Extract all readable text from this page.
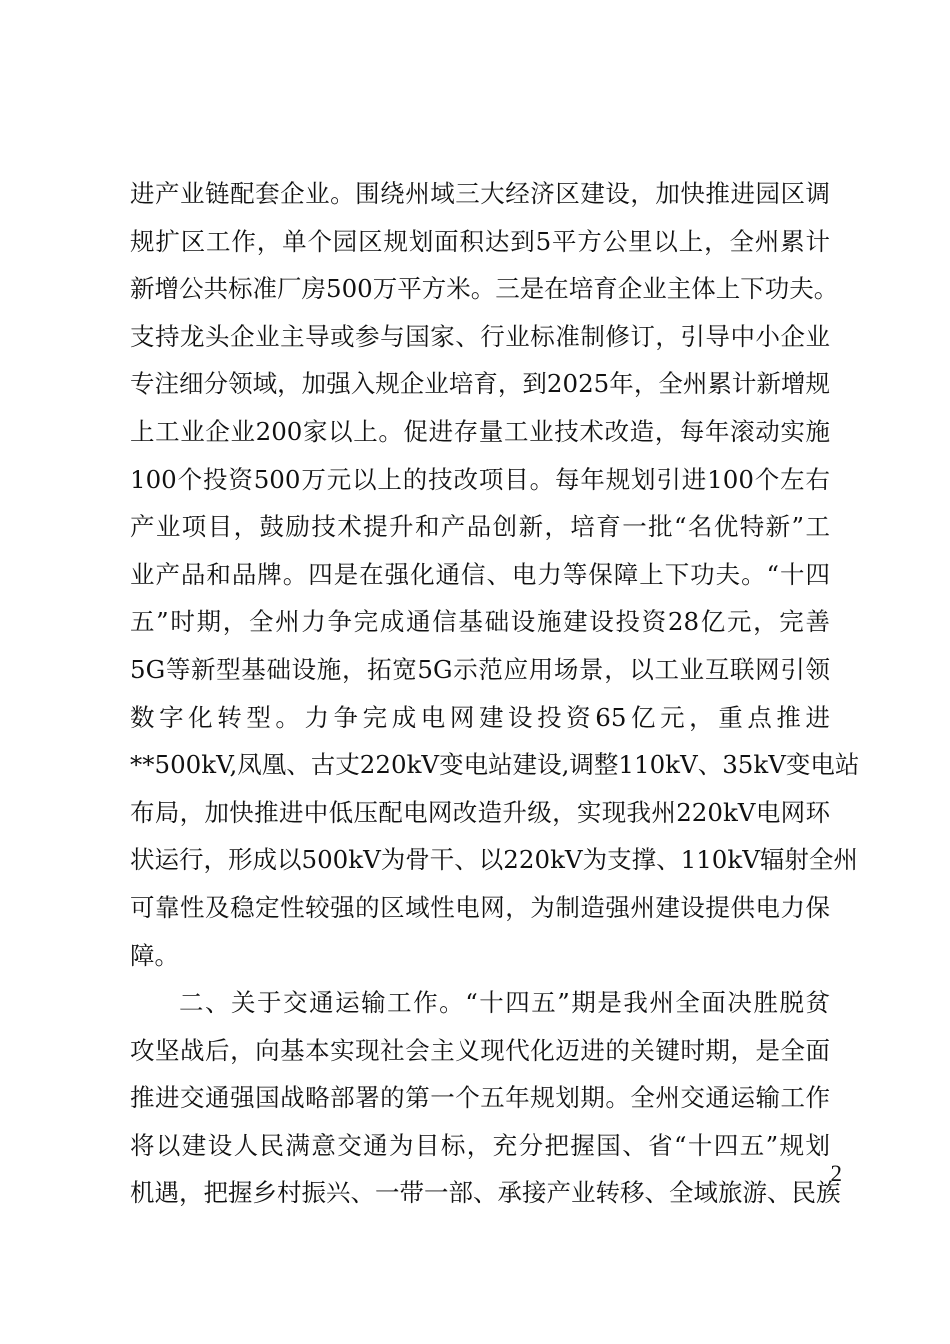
进产业链配套企业。围绕州域三大经济区建设，加快推进园区调
规扩区工作，单个园区规划面积达到5平方公里以上，全州累计
新增公共标准厂房500万平方米。三是在培育企业主体上下功夫。
支持龙头企业主导或参与国家、行业标准制修订，引导中小企业
专注细分领域，加强入规企业培育，到2025年，全州累计新增规
上工业企业200家以上。促进存量工业技术改造，每年滚动实施
100个投资500万元以上的技改项目。每年规划引进100个左右
产业项目，鼓励技术提升和产品创新，培育一批“名优特新”工
业产品和品牌。四是在强化通信、电力等保障上下功夫。“十四
五”时期，全州力争完成通信基础设施建设投资28亿元，完善
5G等新型基础设施，拓宽5G示范应用场景，以工业互联网引领
数字化转型。力争完成电网建设投资65亿元，重点推进
**500kV,凤凰、古丈220kV变电站建设,调整110kV、35kV变电站
布局，加快推进中低压配电网改造升级，实现我州220kV电网环
状运行，形成以500kV为骨干、以220kV为支撑、110kV辐射全州
可靠性及稳定性较强的区域性电网，为制造强州建设提供电力保
障。
二、关于交通运输工作。“十四五”期是我州全面决胜脱贫
攻坚战后，向基本实现社会主义现代化迈进的关键时期，是全面
推进交通强国战略部署的第一个五年规划期。全州交通运输工作
将以建设人民满意交通为目标，充分把握国、省“十四五”规划
机遇，把握乡村振兴、一带一部、承接产业转移、全域旅游、民族
2
